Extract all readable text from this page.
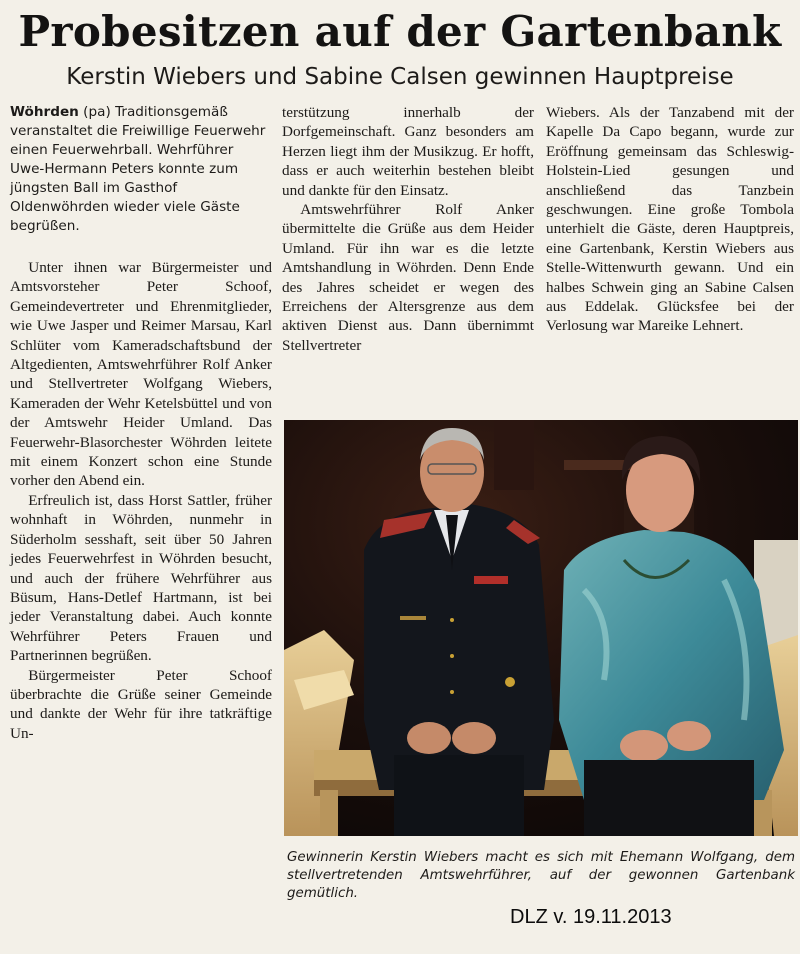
Probesitzen auf der Gartenbank
Kerstin Wiebers und Sabine Calsen gewinnen Hauptpreise

Wöhrden (pa) Traditionsgemäß veranstaltet die Freiwillige Feuerwehr einen Feuerwehrball. Wehrführer Uwe-Hermann Peters konnte zum jüngsten Ball im Gasthof Oldenwöhrden wieder viele Gäste begrüßen.

Unter ihnen war Bürgermeister und Amtsvorsteher Peter Schoof, Gemeindevertreter und Ehrenmitglieder, wie Uwe Jasper und Reimer Marsau, Karl Schlüter vom Kameradschaftsbund der Altgedienten, Amtswehrführer Rolf Anker und Stellvertreter Wolfgang Wiebers, Kameraden der Wehr Ketelsbüttel und von der Amtswehr Heider Umland. Das Feuerwehr-Blasorchester Wöhrden leitete mit einem Konzert schon eine Stunde vorher den Abend ein.

Erfreulich ist, dass Horst Sattler, früher wohnhaft in Wöhrden, nunmehr in Süderholm sesshaft, seit über 50 Jahren jedes Feuerwehrfest in Wöhrden besucht, und auch der frühere Wehrführer aus Büsum, Hans-Detlef Hartmann, ist bei jeder Veranstaltung dabei. Auch konnte Wehrführer Peters Frauen und Partnerinnen begrüßen.

Bürgermeister Peter Schoof überbrachte die Grüße seiner Gemeinde und dankte der Wehr für ihre tatkräftige Un-

terstützung innerhalb der Dorfgemeinschaft. Ganz besonders am Herzen liegt ihm der Musikzug. Er hofft, dass er auch weiterhin bestehen bleibt und dankte für den Einsatz.

Amtswehrführer Rolf Anker übermittelte die Grüße aus dem Heider Umland. Für ihn war es die letzte Amtshandlung in Wöhrden. Denn Ende des Jahres scheidet er wegen des Erreichens der Altersgrenze aus dem aktiven Dienst aus. Dann übernimmt Stellvertreter

Wiebers. Als der Tanzabend mit der Kapelle Da Capo begann, wurde zur Eröffnung gemeinsam das Schleswig-Holstein-Lied gesungen und anschließend das Tanzbein geschwungen. Eine große Tombola unterhielt die Gäste, deren Hauptpreis, eine Gartenbank, Kerstin Wiebers aus Stelle-Wittenwurth gewann. Und ein halbes Schwein ging an Sabine Calsen aus Eddelak. Glücksfee bei der Verlosung war Mareike Lehnert.

Gewinnerin Kerstin Wiebers macht es sich mit Ehemann Wolfgang, dem stellvertretenden Amtswehrführer, auf der gewonnen Gartenbank gemütlich.
DLZ v. 19.11.2013
